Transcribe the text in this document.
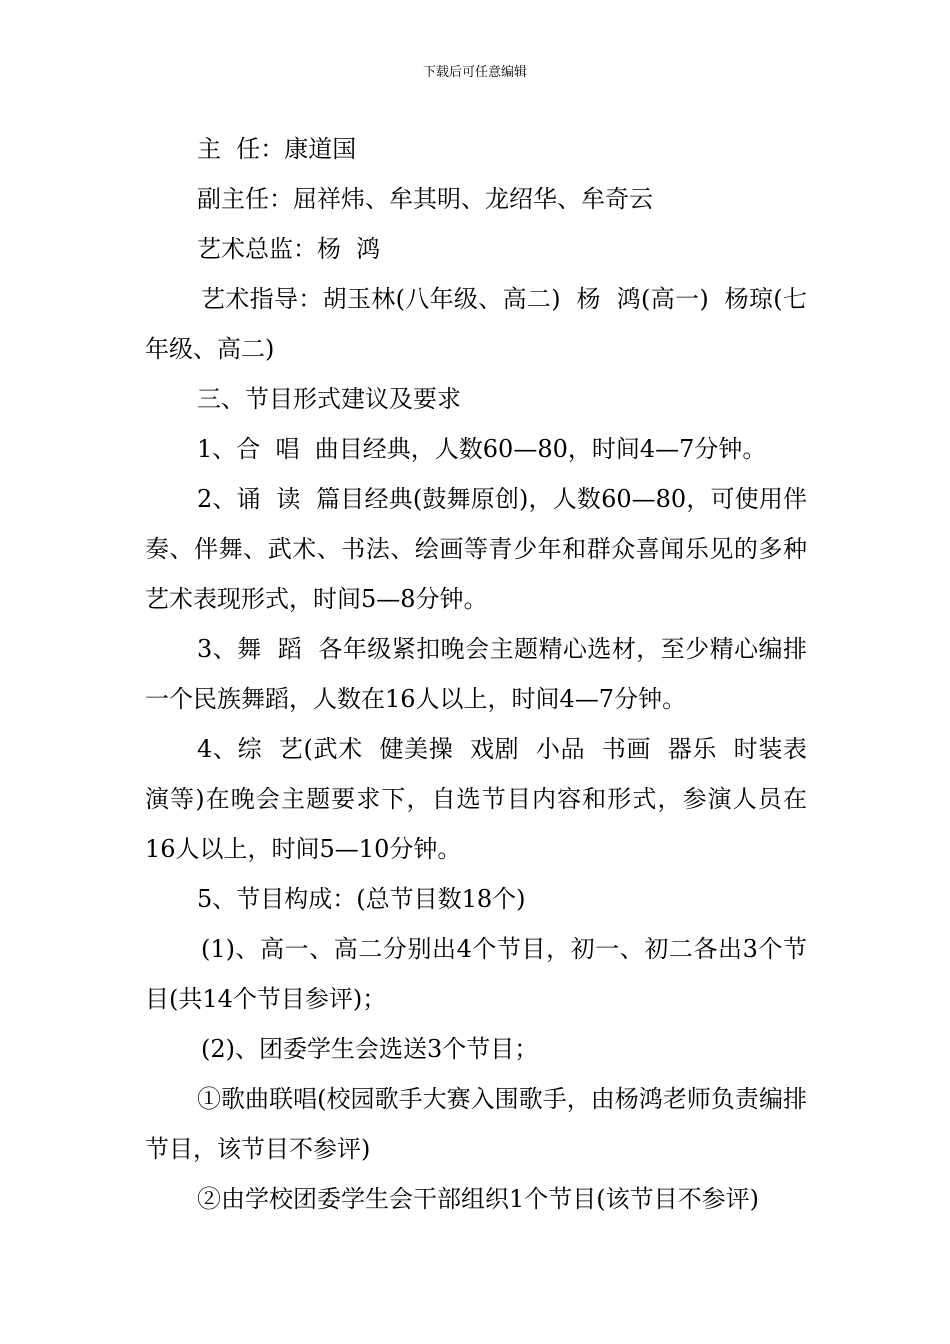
下载后可任意编辑

主  任：康道国

副主任：屈祥炜、牟其明、龙绍华、牟奇云

艺术总监：杨  鸿

艺术指导：胡玉林(八年级、高二)  杨  鸿(高一)  杨琼(七年级、高二)

三、节目形式建议及要求

1、合  唱  曲目经典，人数60—80，时间4—7分钟。

2、诵  读  篇目经典(鼓舞原创)，人数60—80，可使用伴奏、伴舞、武术、书法、绘画等青少年和群众喜闻乐见的多种艺术表现形式，时间5—8分钟。

3、舞  蹈  各年级紧扣晚会主题精心选材，至少精心编排一个民族舞蹈，人数在16人以上，时间4—7分钟。

4、综  艺(武术  健美操  戏剧  小品  书画  器乐  时装表演等)在晚会主题要求下，自选节目内容和形式，参演人员在16人以上，时间5—10分钟。

5、节目构成：(总节目数18个)

(1)、高一、高二分别出4个节目，初一、初二各出3个节目(共14个节目参评)；

(2)、团委学生会选送3个节目；

①歌曲联唱(校园歌手大赛入围歌手，由杨鸿老师负责编排节目，该节目不参评)

②由学校团委学生会干部组织1个节目(该节目不参评)
